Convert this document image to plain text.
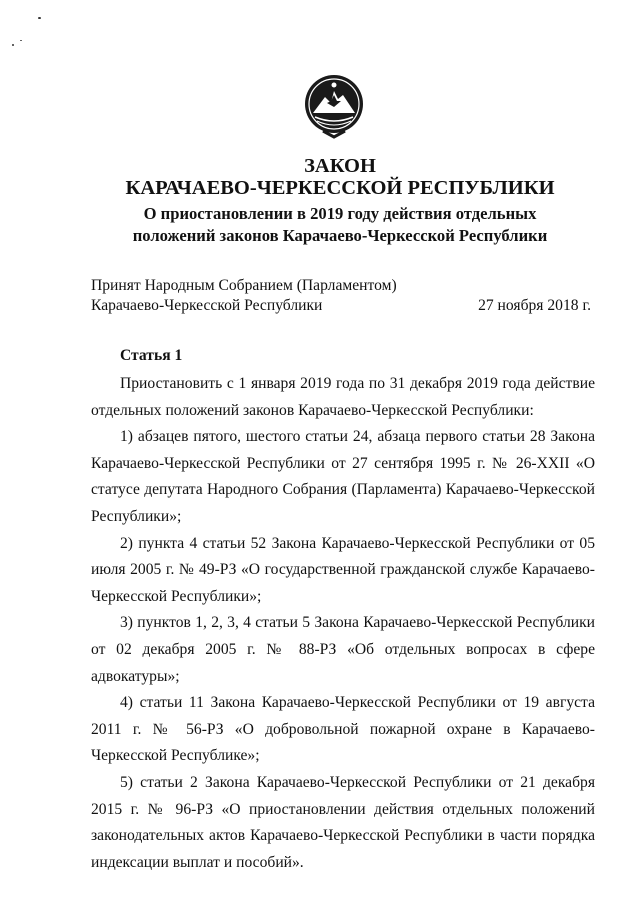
ЗАКОН
КАРАЧАЕВО-ЧЕРКЕССКОЙ РЕСПУБЛИКИ
О приостановлении в 2019 году действия отдельных
положений законов Карачаево-Черкесской Республики
Принят Народным Собранием (Парламентом)
Карачаево-Черкесской Республики	27 ноября 2018 г.
Статья 1

Приостановить с 1 января 2019 года по 31 декабря 2019 года действие отдельных положений законов Карачаево-Черкесской Республики:

1) абзацев пятого, шестого статьи 24, абзаца первого статьи 28 Закона Карачаево-Черкесской Республики от 27 сентября 1995 г. № 26-XXII «О статусе депутата Народного Собрания (Парламента) Карачаево-Черкесской Республики»;

2) пункта 4 статьи 52 Закона Карачаево-Черкесской Республики от 05 июля 2005 г. № 49-РЗ «О государственной гражданской службе Карачаево-Черкесской Республики»;

3) пунктов 1, 2, 3, 4 статьи 5 Закона Карачаево-Черкесской Республики от 02 декабря 2005 г. № 88-РЗ «Об отдельных вопросах в сфере адвокатуры»;

4) статьи 11 Закона Карачаево-Черкесской Республики от 19 августа 2011 г. № 56-РЗ «О добровольной пожарной охране в Карачаево-Черкесской Республике»;

5) статьи 2 Закона Карачаево-Черкесской Республики от 21 декабря 2015 г. № 96-РЗ «О приостановлении действия отдельных положений законодательных актов Карачаево-Черкесской Республики в части порядка индексации выплат и пособий».
